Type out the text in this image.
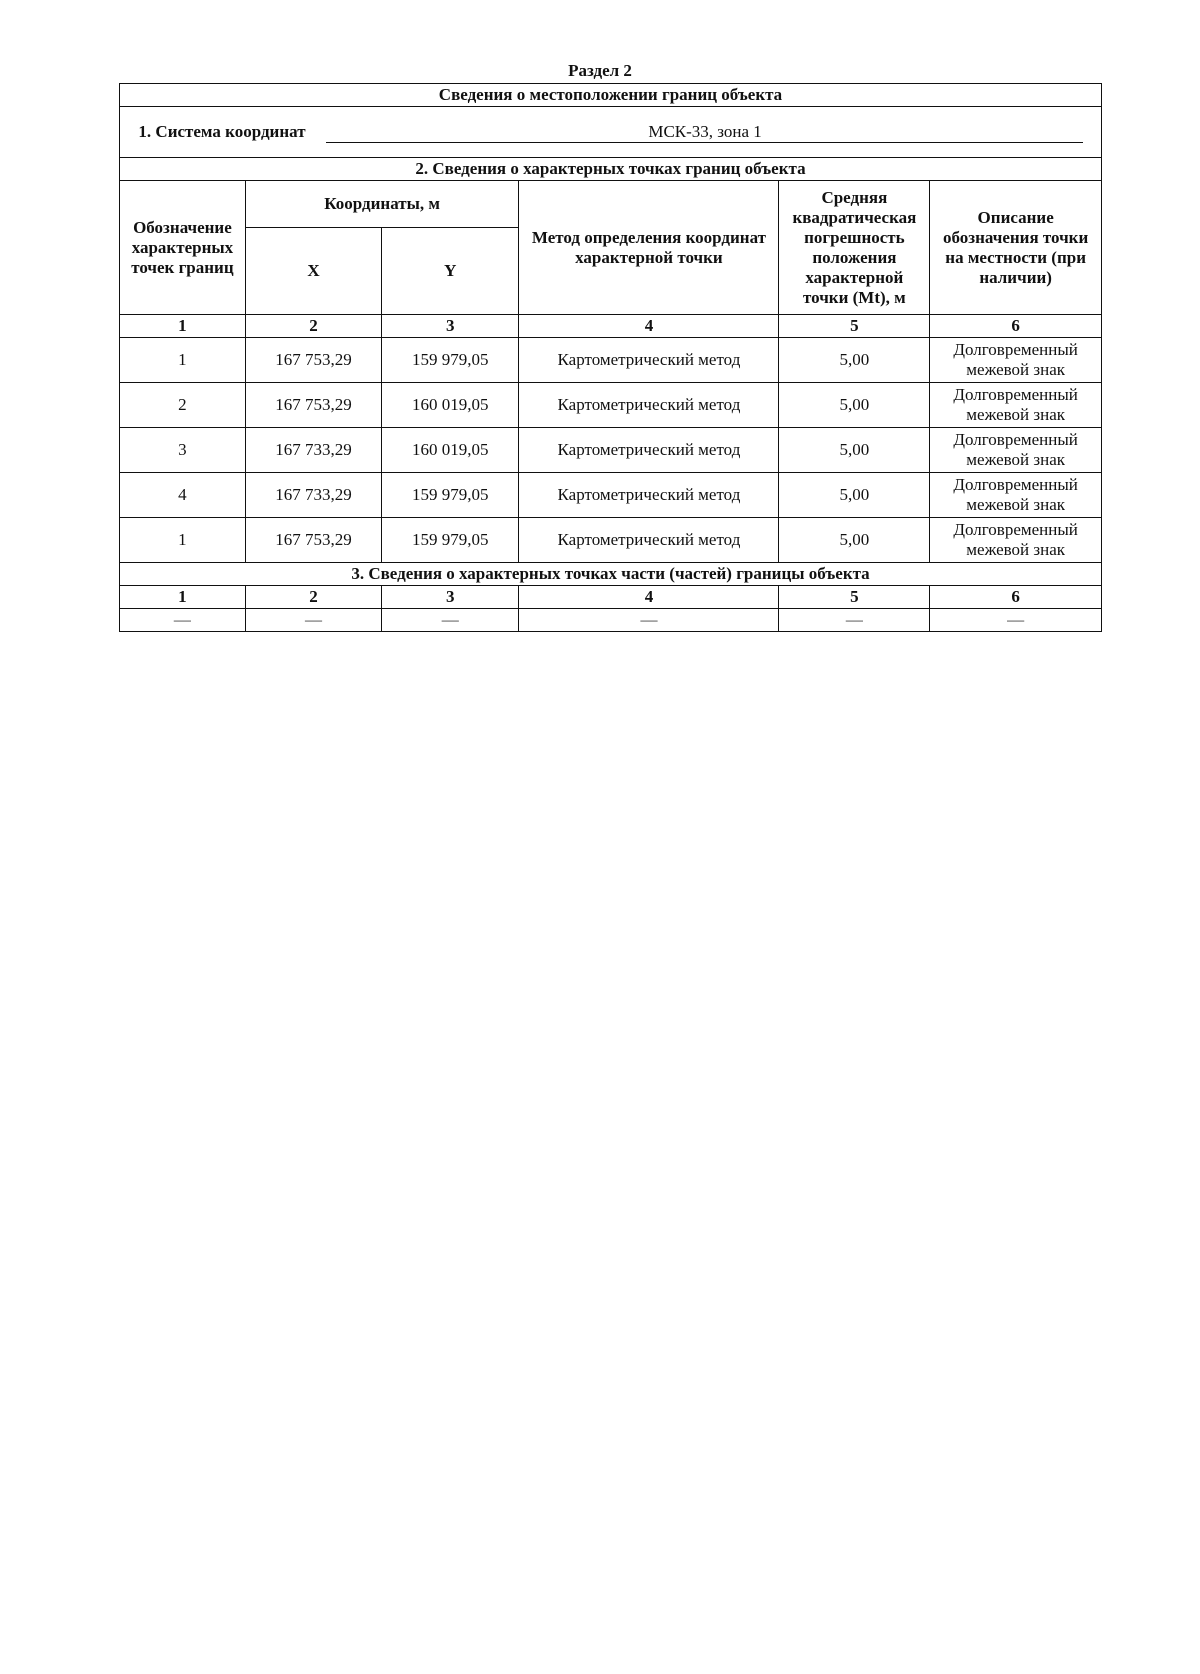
Раздел 2
Сведения о местоположении границ объекта					
1. Система координат МСК-33, зона 1					
2. Сведения о характерных точках границ объекта					
Обозначение характерных точек границ	Координаты, м		Метод определения координат характерной точки	Средняя квадратическая погрешность положения характерной точки (Mt), м	Описание обозначения точки на местности (при наличии)
	X	Y			
1	2	3	4	5	6
1	167 753,29	159 979,05	Картометрический метод	5,00	Долговременный межевой знак
2	167 753,29	160 019,05	Картометрический метод	5,00	Долговременный межевой знак
3	167 733,29	160 019,05	Картометрический метод	5,00	Долговременный межевой знак
4	167 733,29	159 979,05	Картометрический метод	5,00	Долговременный межевой знак
1	167 753,29	159 979,05	Картометрический метод	5,00	Долговременный межевой знак
3. Сведения о характерных точках части (частей) границы объекта					
1	2	3	4	5	6
—	—	—	—	—	—
